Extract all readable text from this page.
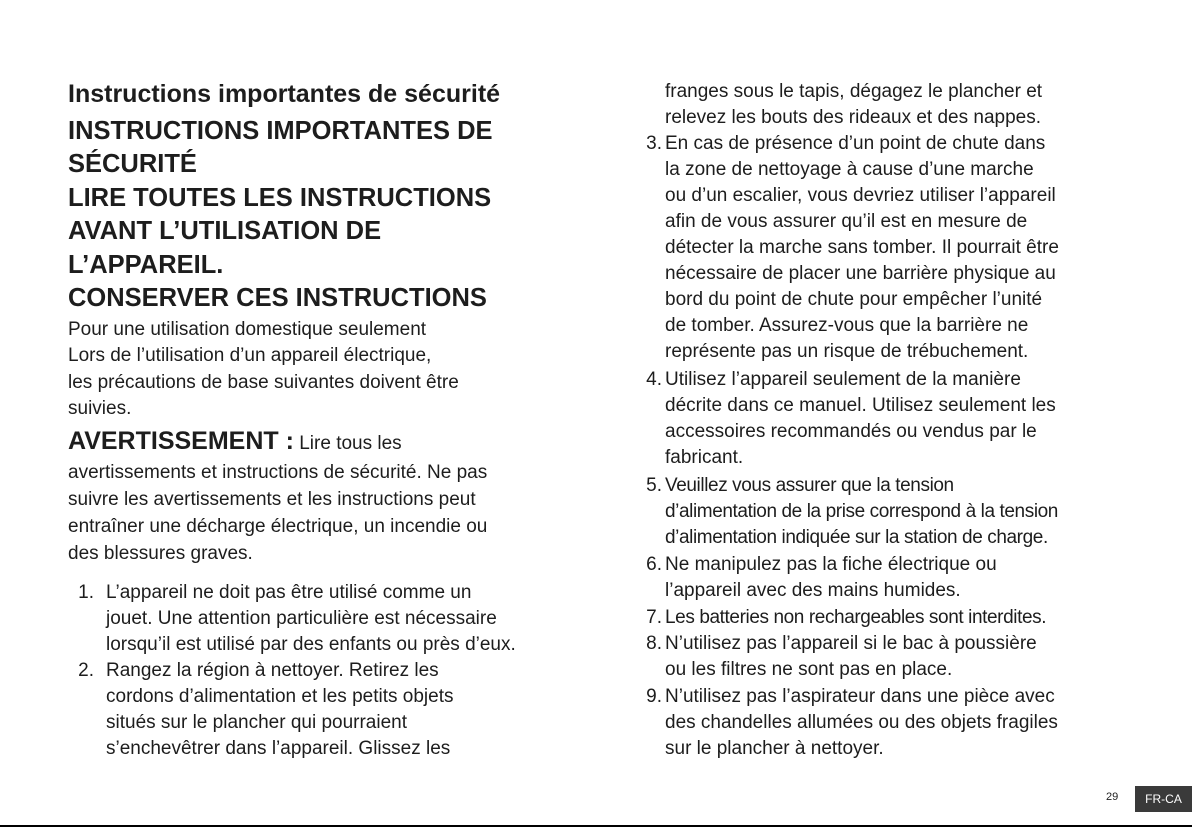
Instructions importantes de sécurité
INSTRUCTIONS IMPORTANTES DE
SÉCURITÉ
LIRE TOUTES LES INSTRUCTIONS
AVANT L’UTILISATION DE
L’APPAREIL.
CONSERVER CES INSTRUCTIONS
Pour une utilisation domestique seulement
Lors de l’utilisation d’un appareil électrique,
les précautions de base suivantes doivent être
suivies.
AVERTISSEMENT : Lire tous les
avertissements et instructions de sécurité. Ne pas
suivre les avertissements et les instructions peut
entraîner une décharge électrique, un incendie ou
des blessures graves.
1. L’appareil ne doit pas être utilisé comme un
jouet. Une attention particulière est nécessaire
lorsqu’il est utilisé par des enfants ou près d’eux.
2. Rangez la région à nettoyer. Retirez les
cordons d’alimentation et les petits objets
situés sur le plancher qui pourraient
s’enchevêtrer dans l’appareil. Glissez les
franges sous le tapis, dégagez le plancher et
relevez les bouts des rideaux et des nappes.
3. En cas de présence d’un point de chute dans
la zone de nettoyage à cause d’une marche
ou d’un escalier, vous devriez utiliser l’appareil
afin de vous assurer qu’il est en mesure de
détecter la marche sans tomber. Il pourrait être
nécessaire de placer une barrière physique au
bord du point de chute pour empêcher l’unité
de tomber. Assurez-vous que la barrière ne
représente pas un risque de trébuchement.
4. Utilisez l’appareil seulement de la manière
décrite dans ce manuel. Utilisez seulement les
accessoires recommandés ou vendus par le
fabricant.
5. Veuillez vous assurer que la tension
d’alimentation de la prise correspond à la tension
d’alimentation indiquée sur la station de charge.
6. Ne manipulez pas la fiche électrique ou
l’appareil avec des mains humides.
7. Les batteries non rechargeables sont interdites.
8. N’utilisez pas l’appareil si le bac à poussière
ou les filtres ne sont pas en place.
9. N’utilisez pas l’aspirateur dans une pièce avec
des chandelles allumées ou des objets fragiles
sur le plancher à nettoyer.
29	FR-CA
